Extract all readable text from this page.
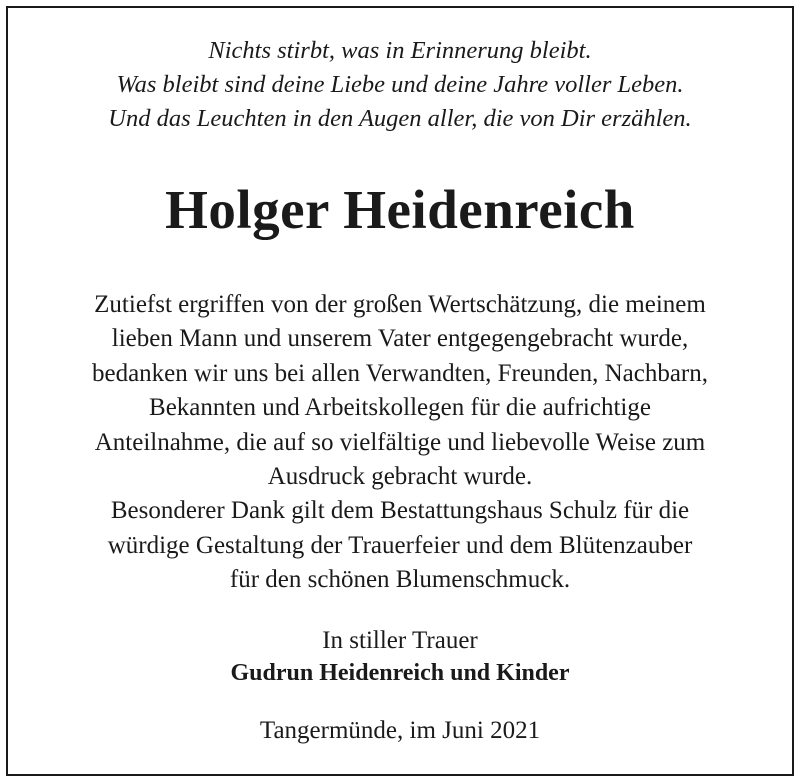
Nichts stirbt, was in Erinnerung bleibt.
Was bleibt sind deine Liebe und deine Jahre voller Leben.
Und das Leuchten in den Augen aller, die von Dir erzählen.
Holger Heidenreich
Zutiefst ergriffen von der großen Wertschätzung, die meinem
lieben Mann und unserem Vater entgegengebracht wurde,
bedanken wir uns bei allen Verwandten, Freunden, Nachbarn,
Bekannten und Arbeitskollegen für die aufrichtige
Anteilnahme, die auf so vielfältige und liebevolle Weise zum
Ausdruck gebracht wurde.
Besonderer Dank gilt dem Bestattungshaus Schulz für die
würdige Gestaltung der Trauerfeier und dem Blütenzauber
für den schönen Blumenschmuck.
In stiller Trauer
Gudrun Heidenreich und Kinder
Tangermünde, im Juni 2021
